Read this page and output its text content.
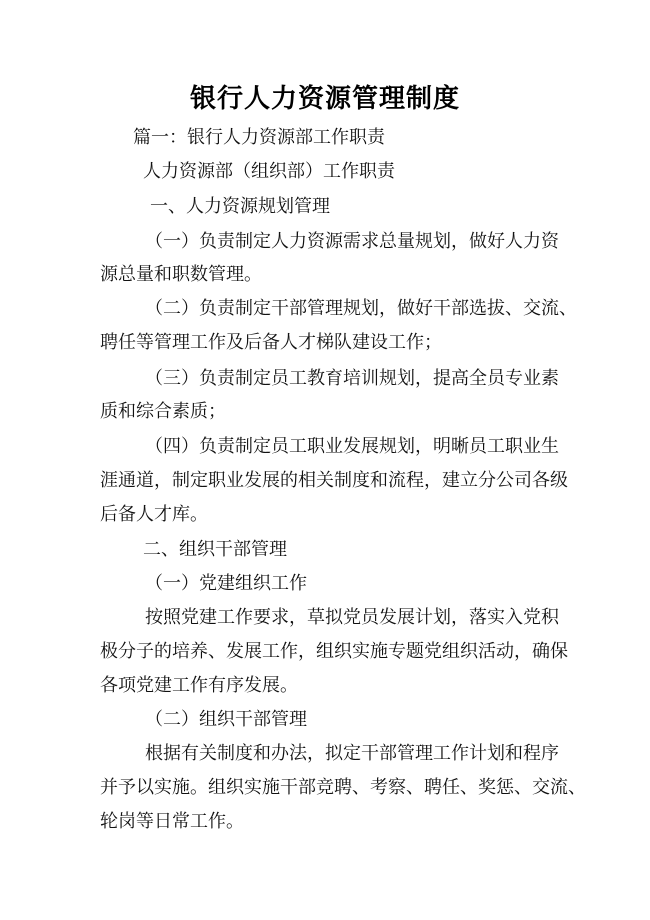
银行人力资源管理制度
篇一：银行人力资源部工作职责
人力资源部（组织部）工作职责
一、人力资源规划管理
（一）负责制定人力资源需求总量规划，做好人力资
源总量和职数管理。
（二）负责制定干部管理规划，做好干部选拔、交流、
聘任等管理工作及后备人才梯队建设工作；
（三）负责制定员工教育培训规划，提高全员专业素
质和综合素质；
（四）负责制定员工职业发展规划，明晰员工职业生
涯通道，制定职业发展的相关制度和流程，建立分公司各级
后备人才库。
二、组织干部管理
（一）党建组织工作
按照党建工作要求，草拟党员发展计划，落实入党积
极分子的培养、发展工作，组织实施专题党组织活动，确保
各项党建工作有序发展。
（二）组织干部管理
根据有关制度和办法，拟定干部管理工作计划和程序
并予以实施。组织实施干部竞聘、考察、聘任、奖惩、交流、
轮岗等日常工作。
